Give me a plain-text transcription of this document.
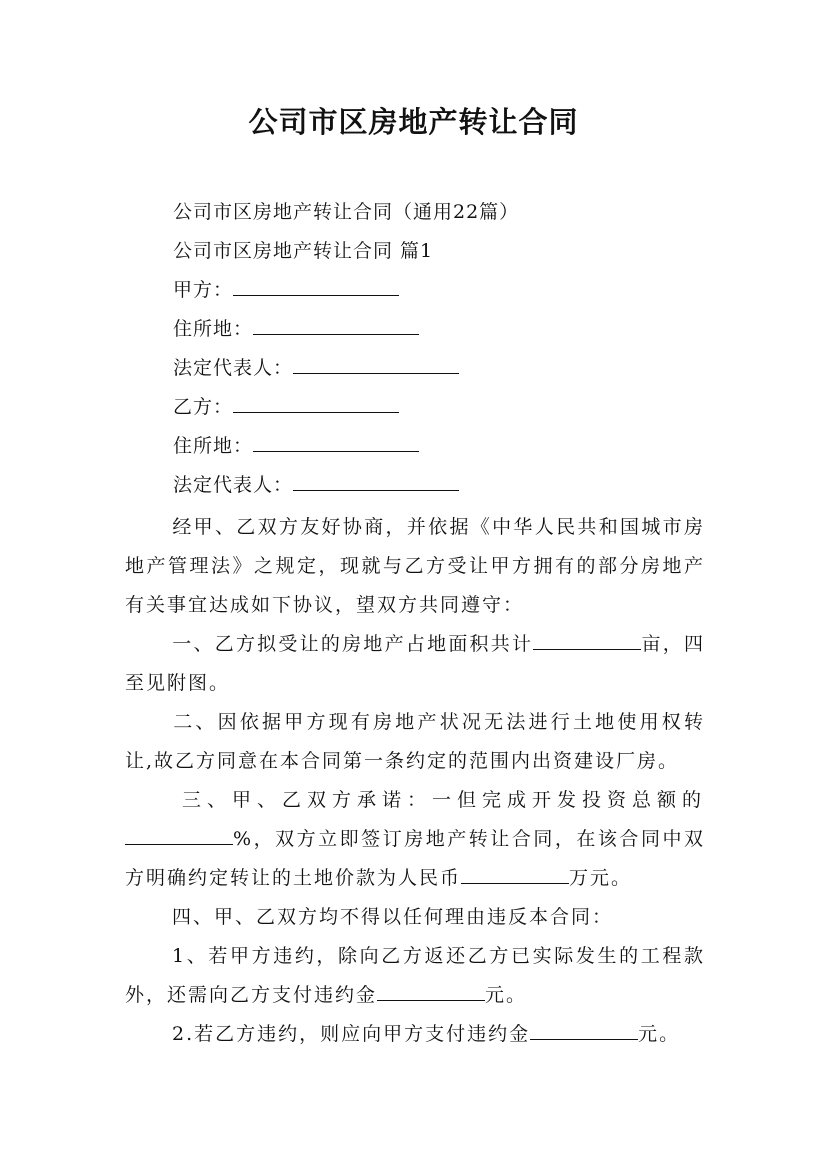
公司市区房地产转让合同
公司市区房地产转让合同（通用22篇）
公司市区房地产转让合同 篇1
甲方：
住所地：
法定代表人：
乙方：
住所地：
法定代表人：
经甲、乙双方友好协商，并依据《中华人民共和国城市房地产管理法》之规定，现就与乙方受让甲方拥有的部分房地产有关事宜达成如下协议，望双方共同遵守：
一、乙方拟受让的房地产占地面积共计	亩，四至见附图。
二、因依据甲方现有房地产状况无法进行土地使用权转让,故乙方同意在本合同第一条约定的范围内出资建设厂房。
三、甲、乙双方承诺：一但完成开发投资总额的%，双方立即签订房地产转让合同，在该合同中双方明确约定转让的土地价款为人民币	万元。
四、甲、乙双方均不得以任何理由违反本合同：
1、若甲方违约，除向乙方返还乙方已实际发生的工程款外，还需向乙方支付违约金	元。
2.若乙方违约，则应向甲方支付违约金	元。
